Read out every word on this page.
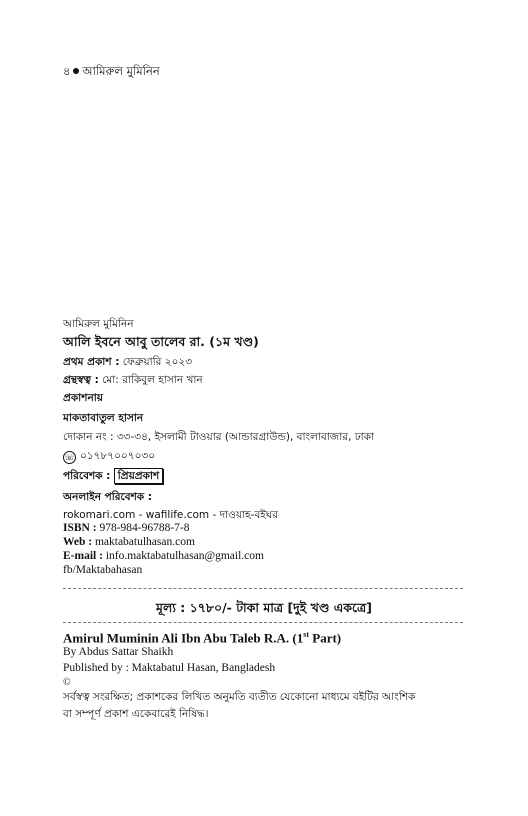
৪ আমিরুল মুমিনিন
আমিরুল মুমিনিন
আলি ইবনে আবু তালেব রা. (১ম খণ্ড)
প্রথম প্রকাশ : ফেব্রুয়ারি ২০২৩
গ্রন্থস্বত্ব : মো: রাকিবুল হাসান খান
প্রকাশনায়
মাকতাবাতুল হাসান
দোকান নং : ৩৩-৩৪, ইসলামী টাওয়ার (আন্ডারগ্রাউন্ড), বাংলাবাজার, ঢাকা
☏ ০১৭৮৭০০৭০৩০
পরিবেশক : প্রিয়প্রকাশ
অনলাইন পরিবেশক :
rokomari.com - wafilife.com - দাওয়াহ-বইঘর
ISBN : 978-984-96788-7-8
Web : maktabatulhasan.com
E-mail : info.maktabatulhasan@gmail.com
fb/Maktabahasan
মূল্য : ১৭৮০/- টাকা মাত্র [দুই খণ্ড একত্রে]
Amirul Muminin Ali Ibn Abu Taleb R.A. (1st Part)
By Abdus Sattar Shaikh
Published by : Maktabatul Hasan, Bangladesh
©
সর্বস্বত্ব সংরক্ষিত; প্রকাশকের লিখিত অনুমতি ব্যতীত যেকোনো মাধ্যমে বইটির আংশিক
বা সম্পূর্ণ প্রকাশ একেবারেই নিষিদ্ধ।
